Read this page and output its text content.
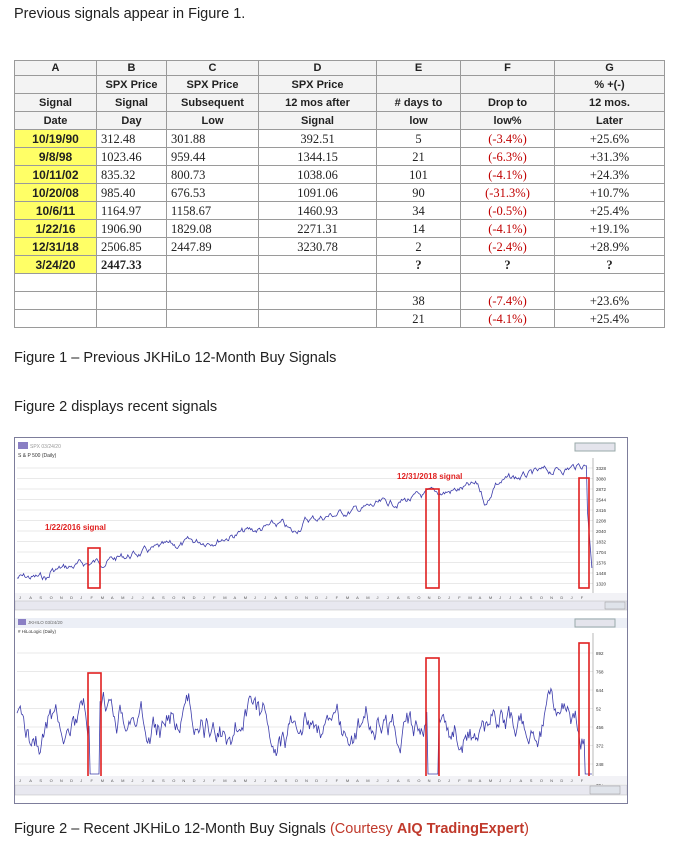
Previous signals appear in Figure 1.
A	B	C	D	E	F	G
	SPX Price	SPX Price	SPX Price			% +(-)
Signal	Signal	Subsequent	12 mos after	# days to	Drop to	12 mos.
Date	Day	Low	Signal	low	low%	Later
10/19/90	312.48	301.88	392.51	5	(-3.4%)	+25.6%
9/8/98	1023.46	959.44	1344.15	21	(-6.3%)	+31.3%
10/11/02	835.32	800.73	1038.06	101	(-4.1%)	+24.3%
10/20/08	985.40	676.53	1091.06	90	(-31.3%)	+10.7%
10/6/11	1164.97	1158.67	1460.93	34	(-0.5%)	+25.4%
1/22/16	1906.90	1829.08	2271.31	14	(-4.1%)	+19.1%
12/31/18	2506.85	2447.89	3230.78	2	(-2.4%)	+28.9%
3/24/20	2447.33			?	?	?

				38	(-7.4%)	+23.6%
				21	(-4.1%)	+25.4%
Figure 1 – Previous JKHiLo 12-Month Buy Signals
Figure 2 displays recent signals
SPX 03/24/20
S & P 500 (Daily)
3328
3080
2872
2544
2416
2208
2040
1832
1704
1576
1448
1320
J A S O N D J F M A M J J A S O N D J F M A M J J A S O N D J F M A M J J A S O N D J F M A M J J A S O N D J F
1/22/2016 signal
12/31/2018 signal
JKHILO 03/24/20
# HiLoLogic (Daily)
892
768
644
52
456
372
248
J A S O N D J F M A M J J A S O N D J F M A M J J A S O N D J F M A M J J A S O N D J F M A M J J A S O N D J F
Figure 2 – Recent JKHiLo 12-Month Buy Signals (Courtesy AIQ TradingExpert)
